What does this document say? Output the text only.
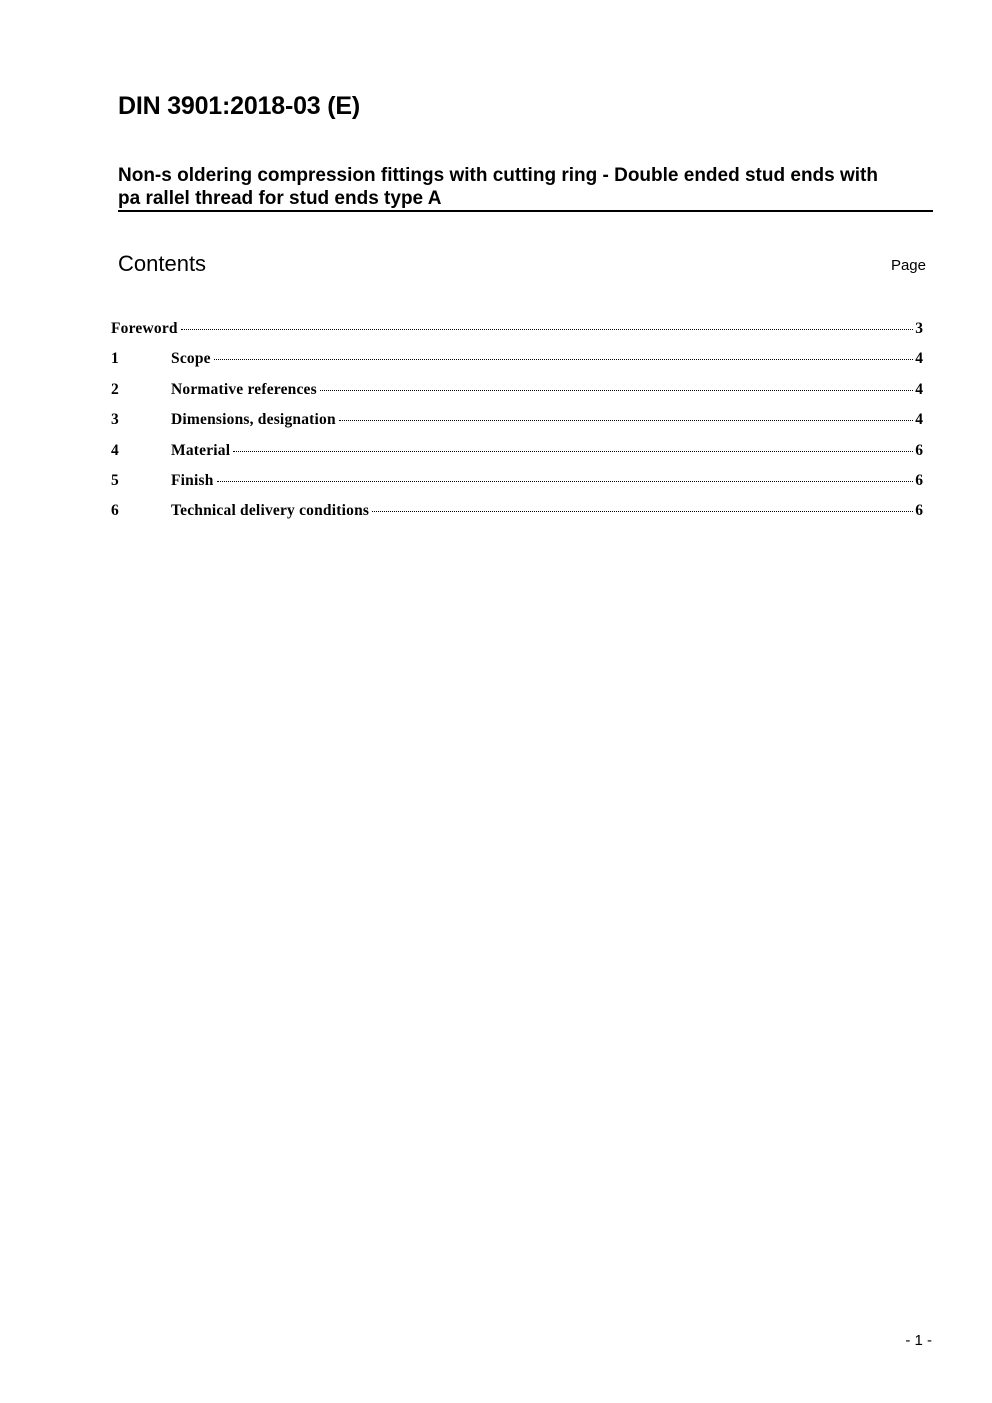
DIN 3901:2018-03 (E)
Non-s oldering compression fittings with cutting ring - Double ended stud ends with
pa rallel thread for stud ends type A
Contents	Page
Foreword	3
1	Scope	4
2	Normative references	4
3	Dimensions, designation	4
4	Material	6
5	Finish	6
6	Technical delivery conditions	6
- 1 -
